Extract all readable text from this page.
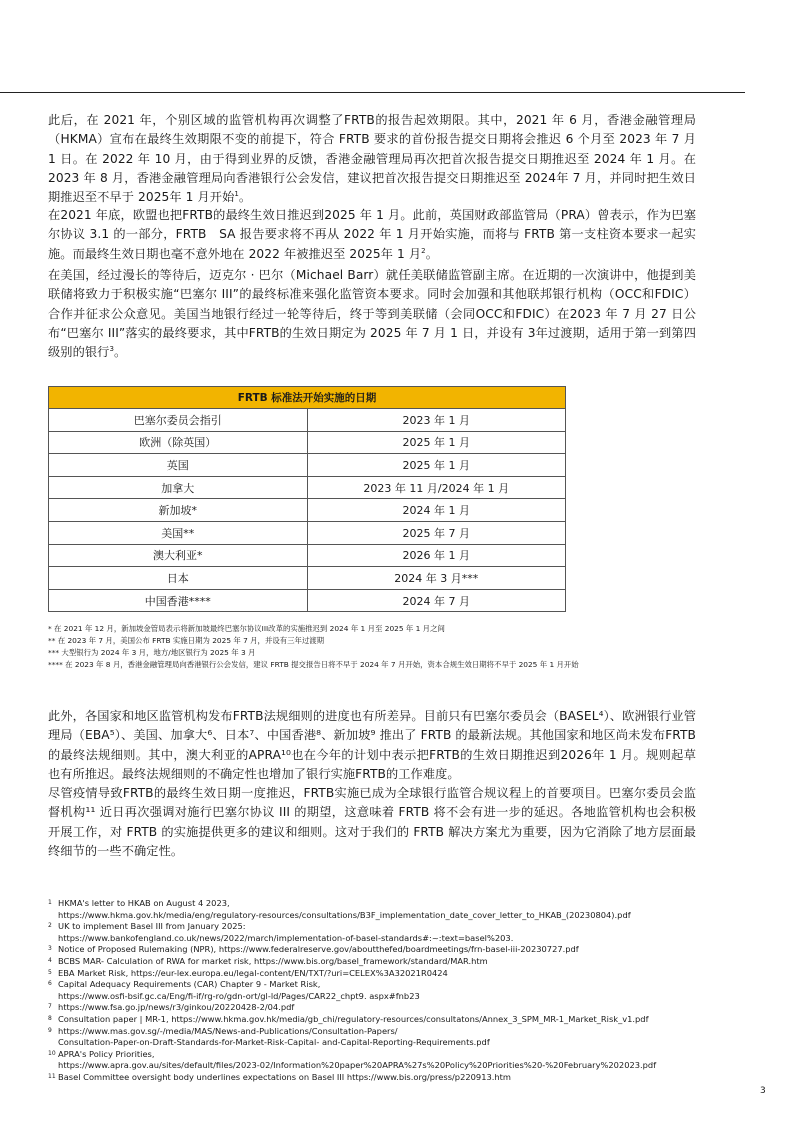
此后，在 2021 年，个别区域的监管机构再次调整了FRTB的报告起效期限。其中，2021 年 6 月，香港金融管理局（HKMA）宣布在最终生效期限不变的前提下，符合 FRTB 要求的首份报告提交日期将会推迟 6 个月至 2023 年 7 月 1 日。在 2022 年 10 月，由于得到业界的反馈，香港金融管理局再次把首次报告提交日期推迟至 2024 年 1 月。在 2023 年 8 月，香港金融管理局向香港银行公会发信，建议把首次报告提交日期推迟至 2024年 7 月，并同时把生效日期推迟至不早于 2025年 1 月开始$^1$。

在2021 年底，欧盟也把FRTB的最终生效日推迟到2025 年 1 月。此前，英国财政部监管局（PRA）曾表示，作为巴塞尔协议 3.1 的一部分，FRTB　SA 报告要求将不再从 2022 年 1 月开始实施，而将与 FRTB 第一支柱资本要求一起实施。而最终生效日期也毫不意外地在 2022 年被推迟至 2025年 1 月$^2$。

在美国，经过漫长的等待后，迈克尔 · 巴尔（Michael Barr）就任美联储监管副主席。在近期的一次演讲中，他提到美联储将致力于积极实施“巴塞尔 III”的最终标准来强化监管资本要求。同时会加强和其他联邦银行机构（OCC和FDIC）合作并征求公众意见。美国当地银行经过一轮等待后，终于等到美联储（会同OCC和FDIC）在2023 年 7 月 27 日公布“巴塞尔 III”落实的最终要求，其中FRTB的生效日期定为 2025 年 7 月 1 日，并设有 3年过渡期，适用于第一到第四级别的银行$^3$。

FRTB 标准法开始实施的日期	
巴塞尔委员会指引	2023 年 1 月
欧洲（除英国）	2025 年 1 月
英国	2025 年 1 月
加拿大	2023 年 11 月/2024 年 1 月
新加坡*	2024 年 1 月
美国**	2025 年 7 月
澳大利亚*	2026 年 1 月
日本	2024 年 3 月***
中国香港****	2024 年 7 月

* 在 2021 年 12 月，新加坡金管局表示将新加坡最终巴塞尔协议III改革的实施推迟到 2024 年 1 月至 2025 年 1 月之间

** 在 2023 年 7 月，美国公布 FRTB 实施日期为 2025 年 7 月，并设有三年过渡期

*** 大型银行为 2024 年 3 月，地方/地区银行为 2025 年 3 月

**** 在 2023 年 8 月，香港金融管理局向香港银行公会发信，建议 FRTB 提交报告日将不早于 2024 年 7 月开始，资本合规生效日期将不早于 2025 年 1 月开始

此外，各国家和地区监管机构发布FRTB法规细则的进度也有所差异。目前只有巴塞尔委员会（BASEL⁴）、欧洲银行业管理局（EBA⁵）、美国、加拿大⁶、日本⁷、中国香港⁸、新加坡⁹ 推出了 FRTB 的最新法规。其他国家和地区尚未发布FRTB的最终法规细则。其中，澳大利亚的APRA¹⁰也在今年的计划中表示把FRTB的生效日期推迟到2026年 1 月。规则起草也有所推迟。最终法规细则的不确定性也增加了银行实施FRTB的工作难度。

尽管疫情导致FRTB的最终生效日期一度推迟，FRTB实施已成为全球银行监管合规议程上的首要项目。巴塞尔委员会监督机构¹¹ 近日再次强调对施行巴塞尔协议 III 的期望，这意味着 FRTB 将不会有进一步的延迟。各地监管机构也会积极开展工作，对 FRTB 的实施提供更多的建议和细则。这对于我们的 FRTB 解决方案尤为重要，因为它消除了地方层面最终细节的一些不确定性。

1 HKMA's letter to HKAB on August 4 2023,
https://www.hkma.gov.hk/media/eng/regulatory-resources/consultations/B3F_implementation_date_cover_letter_to_HKAB_(20230804).pdf
2 UK to implement Basel III from January 2025:
https://www.bankofengland.co.uk/news/2022/march/implementation-of-basel-standards#:~:text=basel%203.
3 Notice of Proposed Rulemaking (NPR), https://www.federalreserve.gov/aboutthefed/boardmeetings/frn-basel-iii-20230727.pdf
4 BCBS MAR- Calculation of RWA for market risk, https://www.bis.org/basel_framework/standard/MAR.htm
5 EBA Market Risk, https://eur-lex.europa.eu/legal-content/EN/TXT/?uri=CELEX%3A32021R0424
6 Capital Adequacy Requirements (CAR) Chapter 9 - Market Risk,
https://www.osfi-bsif.gc.ca/Eng/fi-if/rg-ro/gdn-ort/gl-ld/Pages/CAR22_chpt9. aspx#fnb23
7 https://www.fsa.go.jp/news/r3/ginkou/20220428-2/04.pdf
8 Consultation paper | MR-1, https://www.hkma.gov.hk/media/gb_chi/regulatory-resources/consultatons/Annex_3_SPM_MR-1_Market_Risk_v1.pdf
9 https://www.mas.gov.sg/-/media/MAS/News-and-Publications/Consultation-Papers/
Consultation-Paper-on-Draft-Standards-for-Market-Risk-Capital- and-Capital-Reporting-Requirements.pdf
10 APRA's Policy Priorities,
https://www.apra.gov.au/sites/default/files/2023-02/Information%20paper%20APRA%27s%20Policy%20Priorities%20-%20February%202023.pdf
11 Basel Committee oversight body underlines expectations on Basel III https://www.bis.org/press/p220913.htm
3
